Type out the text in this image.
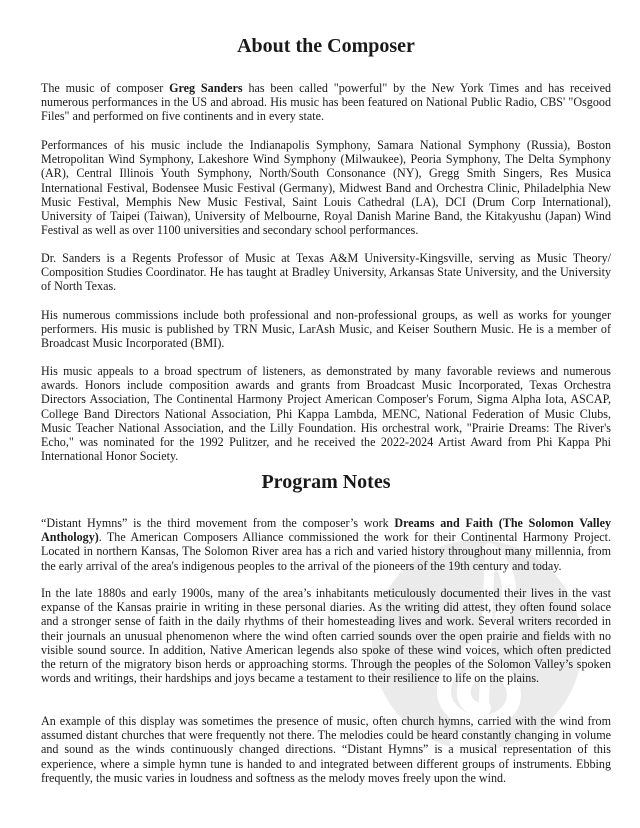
About the Composer

The music of composer Greg Sanders has been called "powerful" by the New York Times and has received numerous performances in the US and abroad. His music has been featured on National Public Radio, CBS' "Osgood Files" and performed on five continents and in every state.

Performances of his music include the Indianapolis Symphony, Samara National Symphony (Russia), Boston Metropolitan Wind Symphony, Lakeshore Wind Symphony (Milwaukee), Peoria Symphony, The Delta Symphony (AR), Central Illinois Youth Symphony, North/South Consonance (NY), Gregg Smith Singers, Res Musica International Festival, Bodensee Music Festival (Germany), Midwest Band and Orchestra Clinic, Philadelphia New Music Festival, Memphis New Music Festival, Saint Louis Cathedral (LA), DCI (Drum Corp International), University of Taipei (Taiwan), University of Melbourne, Royal Danish Marine Band, the Kitakyushu (Japan) Wind Festival as well as over 1100 universities and secondary school performances.

Dr. Sanders is a Regents Professor of Music at Texas A&M University-Kingsville, serving as Music Theory/ Composition Studies Coordinator. He has taught at Bradley University, Arkansas State University, and the University of North Texas.

His numerous commissions include both professional and non-professional groups, as well as works for younger performers. His music is published by TRN Music, LarAsh Music, and Keiser Southern Music. He is a member of Broadcast Music Incorporated (BMI).

His music appeals to a broad spectrum of listeners, as demonstrated by many favorable reviews and numerous awards. Honors include composition awards and grants from Broadcast Music Incorporated, Texas Orchestra Directors Association, The Continental Harmony Project American Composer's Forum, Sigma Alpha Iota, ASCAP, College Band Directors National Association, Phi Kappa Lambda, MENC, National Federation of Music Clubs, Music Teacher National Association, and the Lilly Foundation. His orchestral work, "Prairie Dreams: The River's Echo," was nominated for the 1992 Pulitzer, and he received the 2022-2024 Artist Award from Phi Kappa Phi International Honor Society.

Program Notes

“Distant Hymns” is the third movement from the composer’s work Dreams and Faith (The Solomon Valley Anthology). The American Composers Alliance commissioned the work for their Continental Harmony Project. Located in northern Kansas, The Solomon River area has a rich and varied history throughout many millennia, from the early arrival of the area's indigenous peoples to the arrival of the pioneers of the 19th century and today.

In the late 1880s and early 1900s, many of the area’s inhabitants meticulously documented their lives in the vast expanse of the Kansas prairie in writing in these personal diaries. As the writing did attest, they often found solace and a stronger sense of faith in the daily rhythms of their homesteading lives and work. Several writers recorded in their journals an unusual phenomenon where the wind often carried sounds over the open prairie and fields with no visible sound source. In addition, Native American legends also spoke of these wind voices, which often predicted the return of the migratory bison herds or approaching storms. Through the peoples of the Solomon Valley’s spoken words and writings, their hardships and joys became a testament to their resilience to life on the plains.

An example of this display was sometimes the presence of music, often church hymns, carried with the wind from assumed distant churches that were frequently not there. The melodies could be heard constantly changing in volume and sound as the winds continuously changed directions. “Distant Hymns” is a musical representation of this experience, where a simple hymn tune is handed to and integrated between different groups of instruments. Ebbing frequently, the music varies in loudness and softness as the melody moves freely upon the wind.
